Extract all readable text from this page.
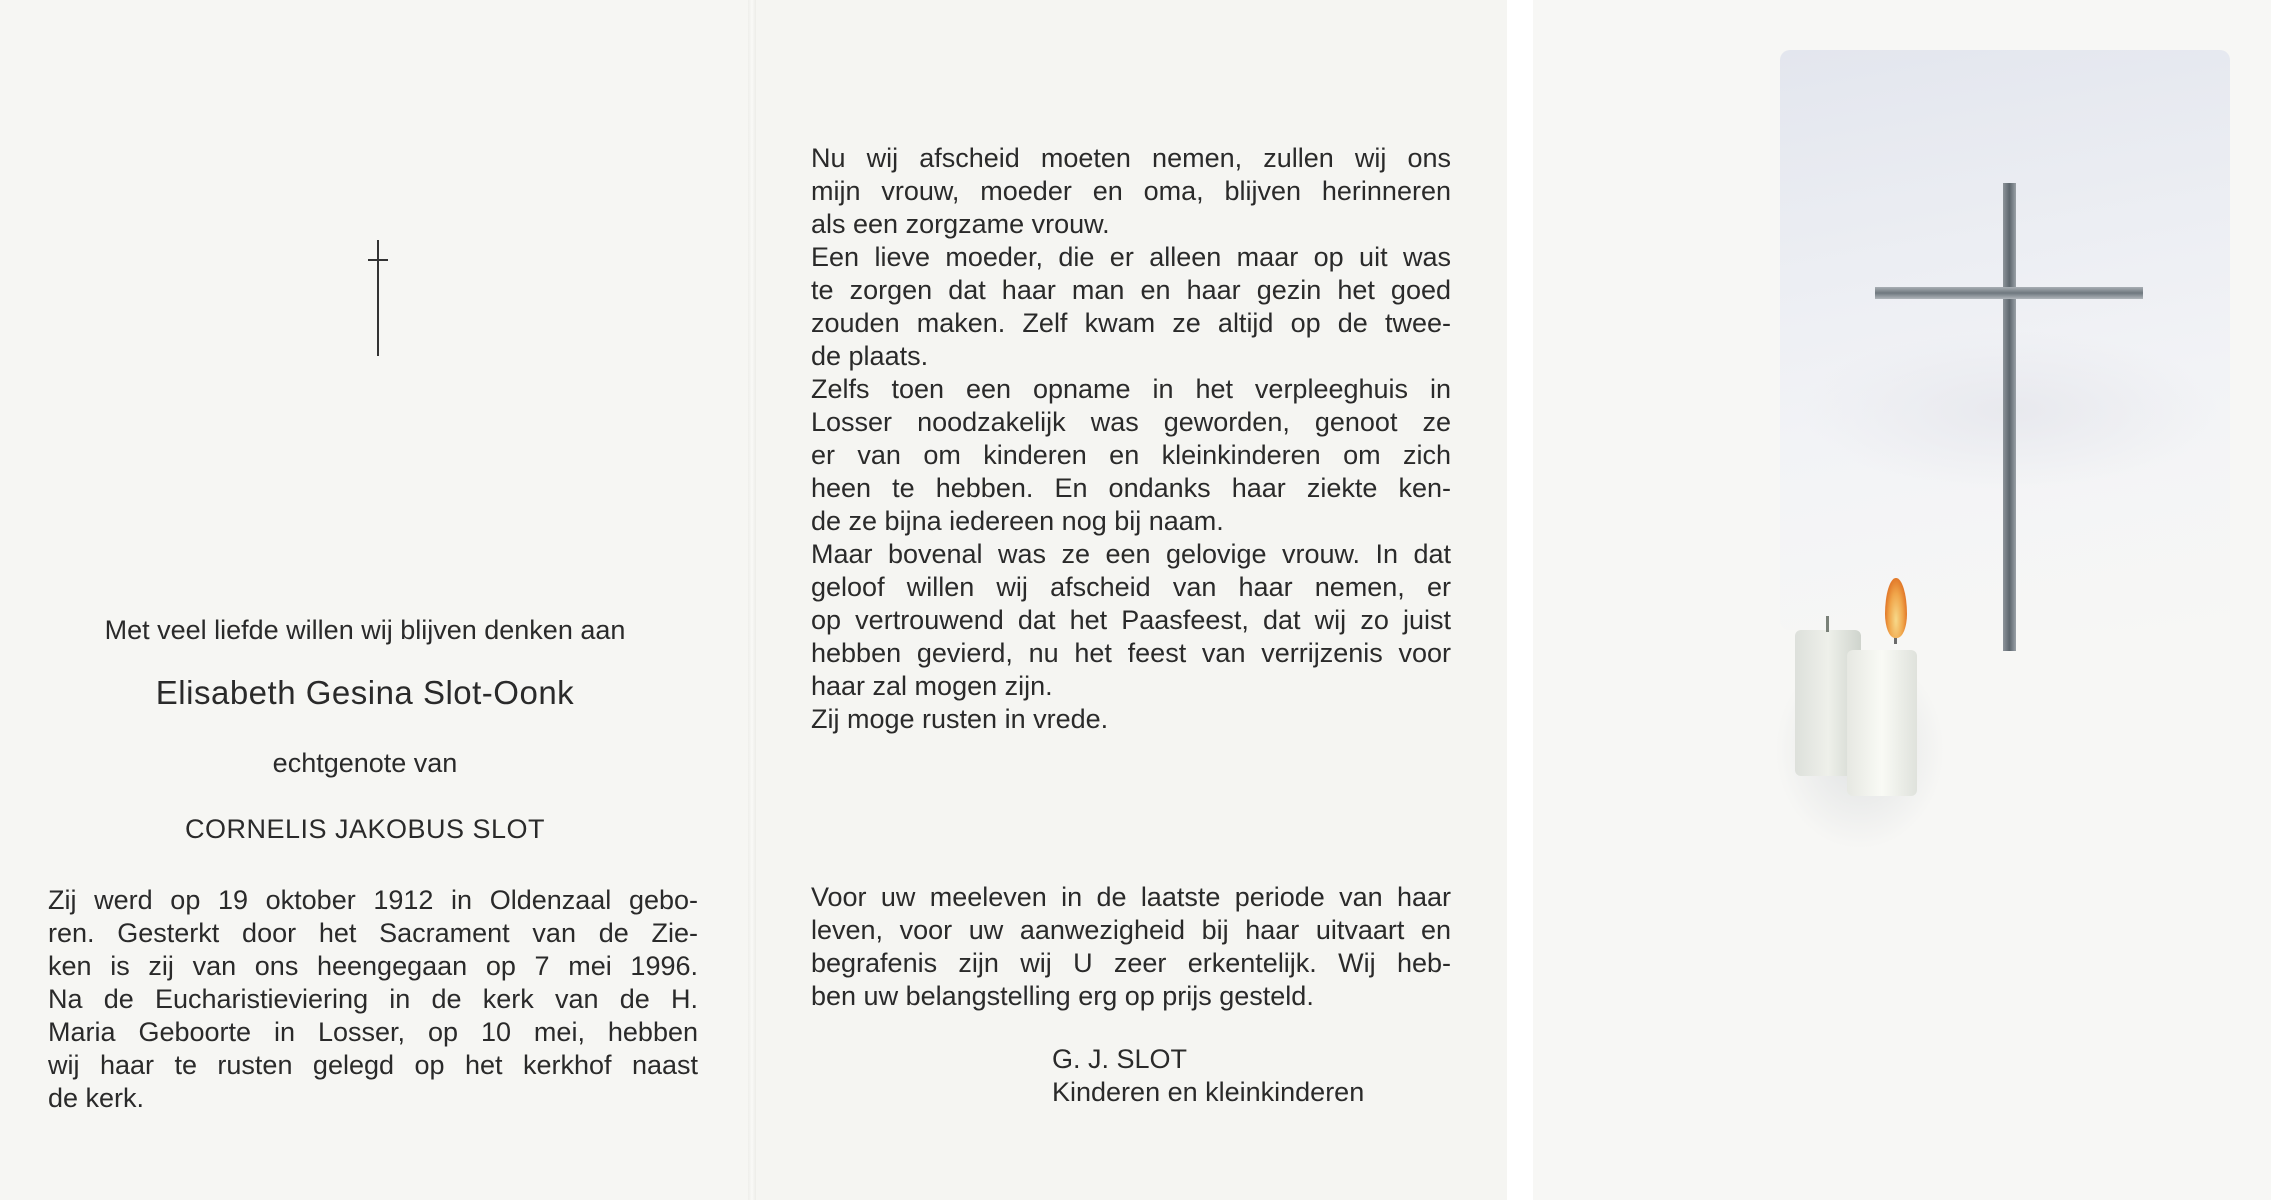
Met veel liefde willen wij blijven denken aan
Elisabeth Gesina Slot-Oonk
echtgenote van
CORNELIS JAKOBUS SLOT
Zij werd op 19 oktober 1912 in Oldenzaal gebo-
ren. Gesterkt door het Sacrament van de Zie-
ken is zij van ons heengegaan op 7 mei 1996.
Na de Eucharistieviering in de kerk van de H.
Maria Geboorte in Losser, op 10 mei, hebben
wij haar te rusten gelegd op het kerkhof naast
de kerk.
Nu wij afscheid moeten nemen, zullen wij ons
mijn vrouw, moeder en oma, blijven herinneren
als een zorgzame vrouw.
Een lieve moeder, die er alleen maar op uit was
te zorgen dat haar man en haar gezin het goed
zouden maken. Zelf kwam ze altijd op de twee-
de plaats.
Zelfs toen een opname in het verpleeghuis in
Losser noodzakelijk was geworden, genoot ze
er van om kinderen en kleinkinderen om zich
heen te hebben. En ondanks haar ziekte ken-
de ze bijna iedereen nog bij naam.
Maar bovenal was ze een gelovige vrouw. In dat
geloof willen wij afscheid van haar nemen, er
op vertrouwend dat het Paasfeest, dat wij zo juist
hebben gevierd, nu het feest van verrijzenis voor
haar zal mogen zijn.
Zij moge rusten in vrede.
Voor uw meeleven in de laatste periode van haar
leven, voor uw aanwezigheid bij haar uitvaart en
begrafenis zijn wij U zeer erkentelijk. Wij heb-
ben uw belangstelling erg op prijs gesteld.
G. J. SLOT
Kinderen en kleinkinderen
